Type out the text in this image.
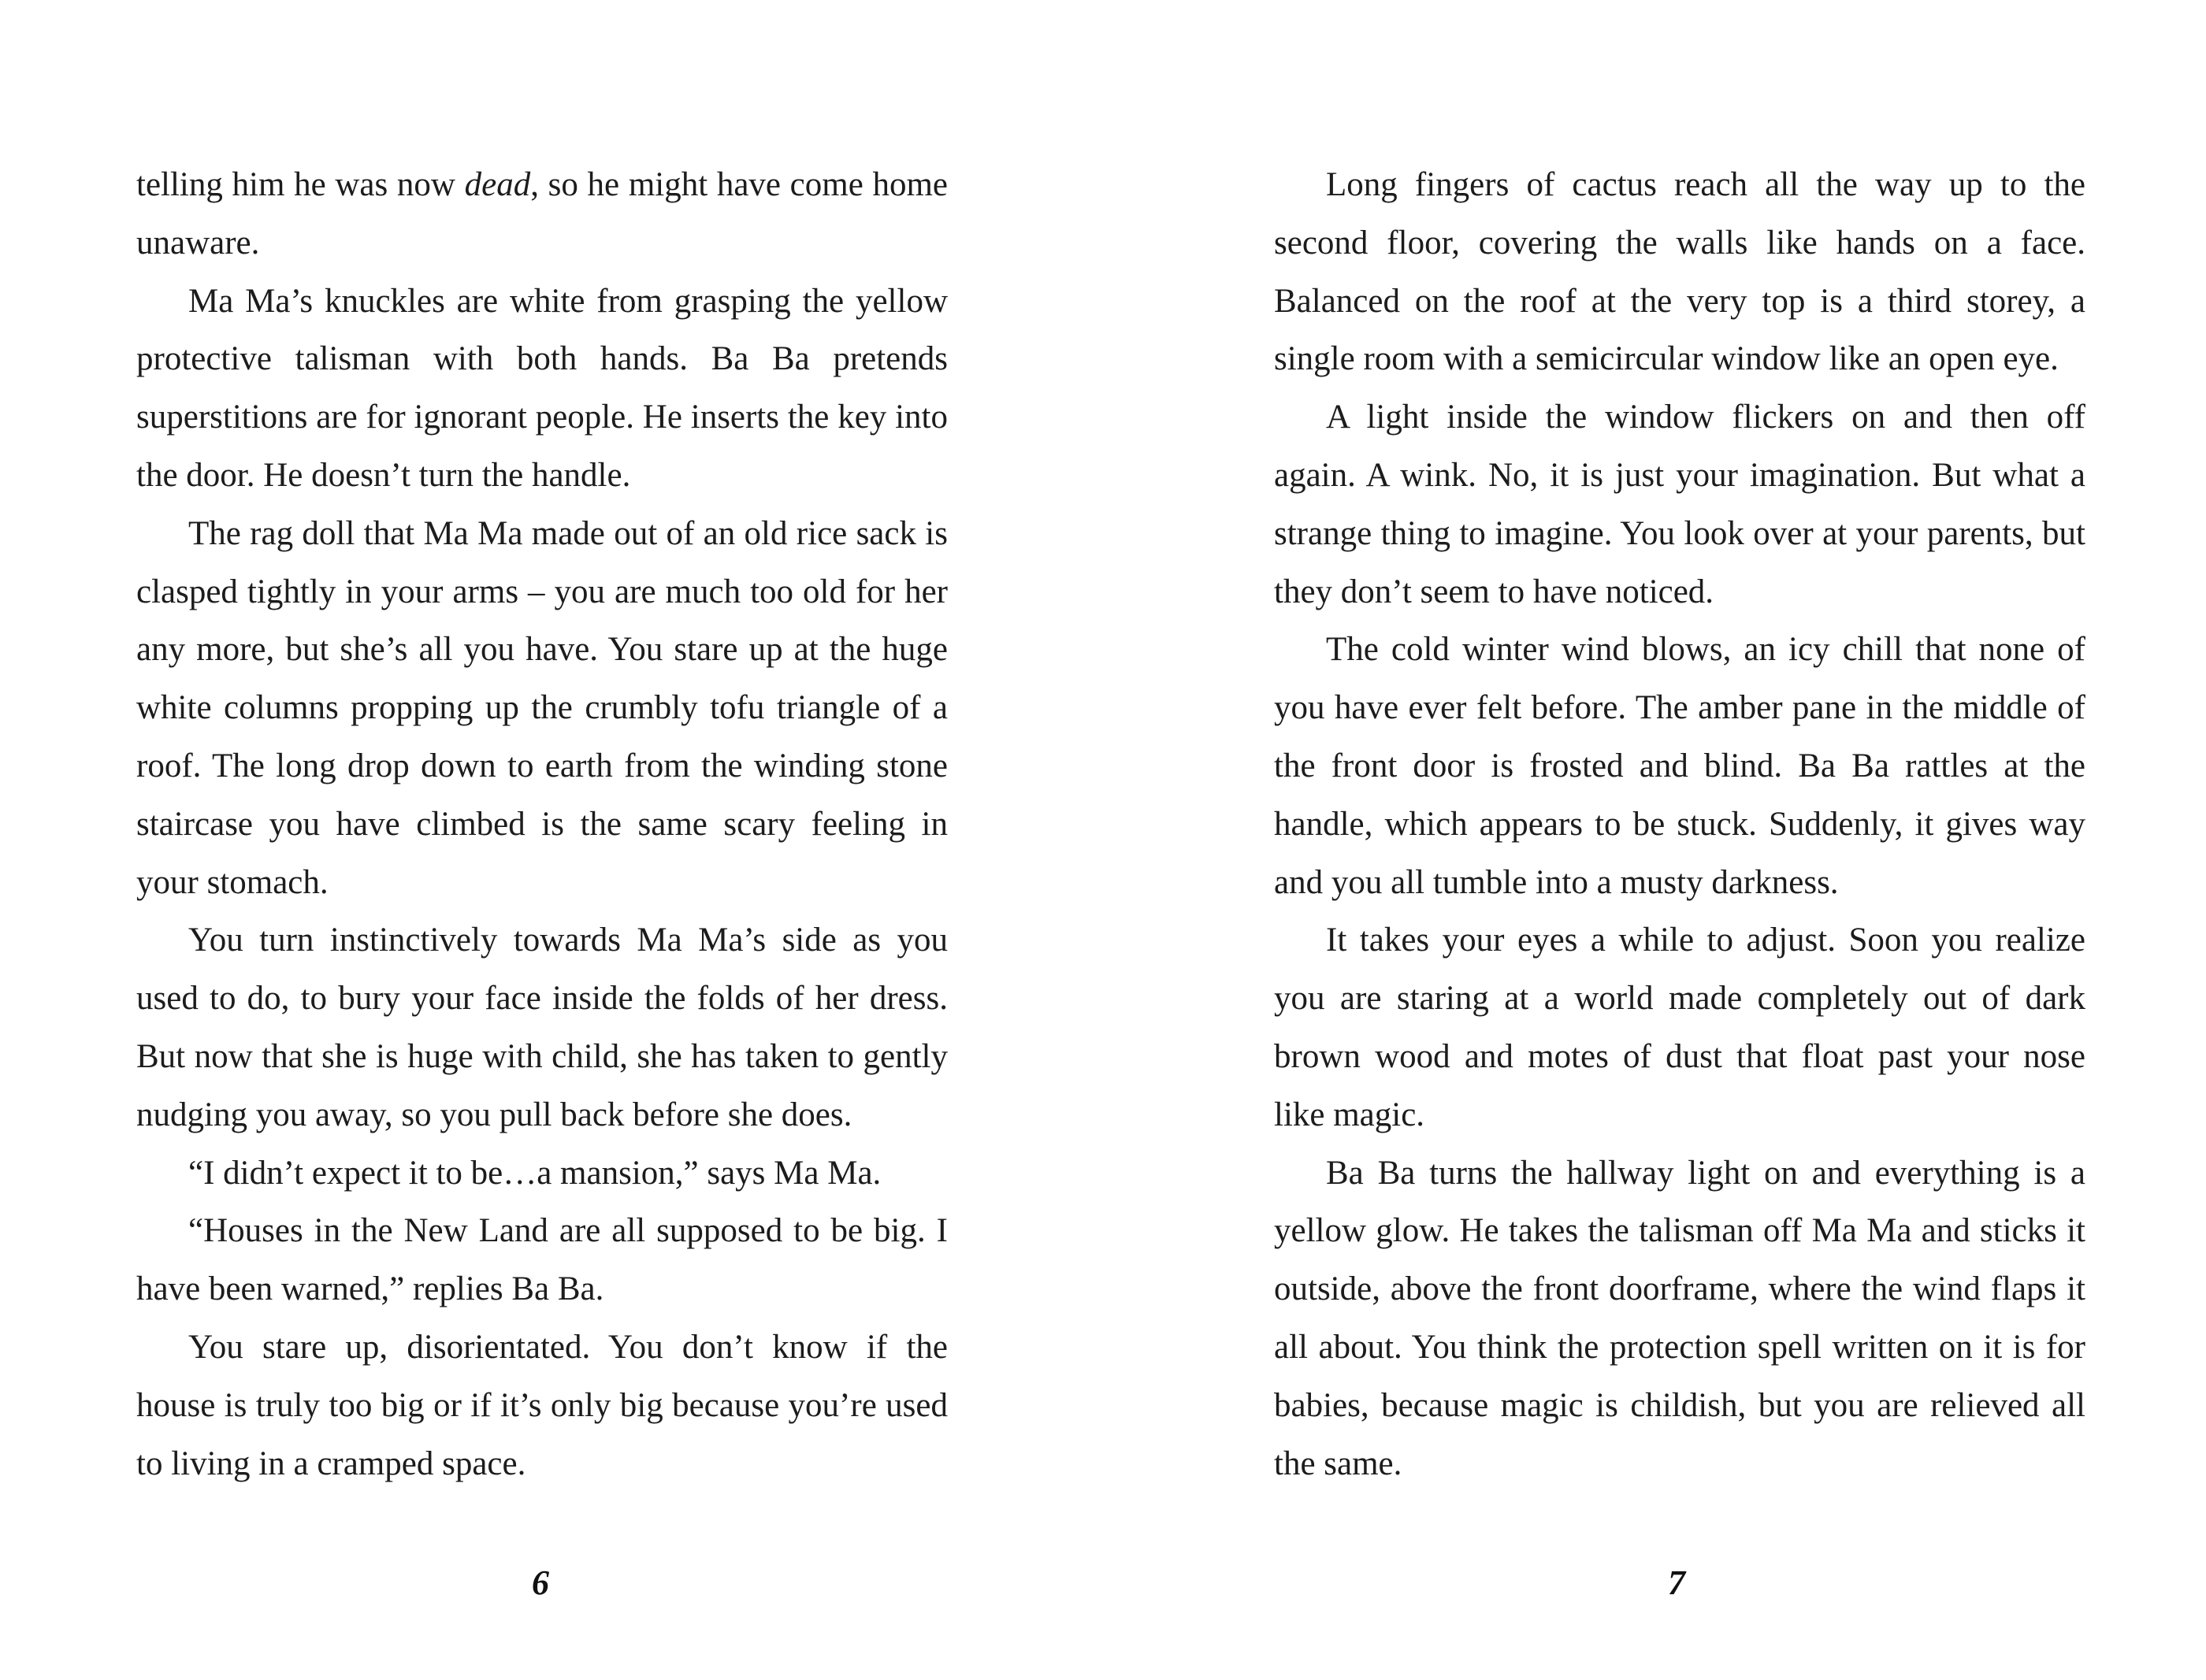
telling him he was now dead, so he might have come home unaware.

Ma Ma’s knuckles are white from grasping the yellow protective talisman with both hands. Ba Ba pretends superstitions are for ignorant people. He inserts the key into the door. He doesn’t turn the handle.

The rag doll that Ma Ma made out of an old rice sack is clasped tightly in your arms – you are much too old for her any more, but she’s all you have. You stare up at the huge white columns propping up the crumbly tofu triangle of a roof. The long drop down to earth from the winding stone staircase you have climbed is the same scary feeling in your stomach.

You turn instinctively towards Ma Ma’s side as you used to do, to bury your face inside the folds of her dress. But now that she is huge with child, she has taken to gently nudging you away, so you pull back before she does.

“I didn’t expect it to be…a mansion,” says Ma Ma.

“Houses in the New Land are all supposed to be big. I have been warned,” replies Ba Ba.

You stare up, disorientated. You don’t know if the house is truly too big or if it’s only big because you’re used to living in a cramped space.

Long fingers of cactus reach all the way up to the second floor, covering the walls like hands on a face. Balanced on the roof at the very top is a third storey, a single room with a semicircular window like an open eye.

A light inside the window flickers on and then off again. A wink. No, it is just your imagination. But what a strange thing to imagine. You look over at your parents, but they don’t seem to have noticed.

The cold winter wind blows, an icy chill that none of you have ever felt before. The amber pane in the middle of the front door is frosted and blind. Ba Ba rattles at the handle, which appears to be stuck. Suddenly, it gives way and you all tumble into a musty darkness.

It takes your eyes a while to adjust. Soon you realize you are staring at a world made completely out of dark brown wood and motes of dust that float past your nose like magic.

Ba Ba turns the hallway light on and everything is a yellow glow. He takes the talisman off Ma Ma and sticks it outside, above the front doorframe, where the wind flaps it all about. You think the protection spell written on it is for babies, because magic is childish, but you are relieved all the same.

6	7
